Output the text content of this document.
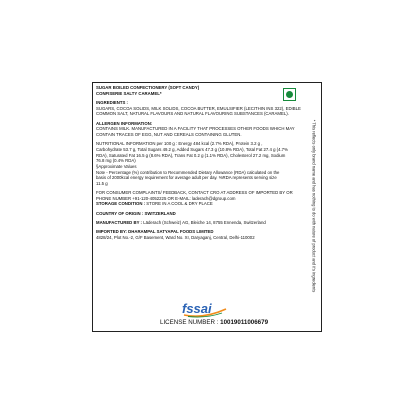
SUGAR BOILED CONFECTIONERY (SOFT CANDY)

CONFISERIE SALTY CARAMEL*

INGREDIENTS :

SUGARS, COCOA SOLIDS, MILK SOLIDS, COCOA BUTTER, EMULSIFIER (LECITHIN INS 322), EDIBLE

COMMON SALT, NATURAL FLAVOURS AND NATURAL FLAVOURING SUBSTANCES (CARAMEL).

ALLERGEN INFORMATION:

CONTAINS MILK. MANUFACTURED IN A FACILITY THAT PROCESSES OTHER FOODS WHICH MAY

CONTAIN TRACES OF EGG, NUT AND CEREALS CONTAINING GLUTEN.

NUTRITIONAL INFORMATION per 100 g : Energy 484 kcal (2.7% RDA), Protein 3.2 g ,

Carbohydrate 53.7 g, Total Sugars 49.2 g, Added Sugars 47.3 g (10.8% RDA), Total Fat 27.4 g (4.7%

RDA), Saturated Fat 16.5 g (8.6% RDA), Trans Fat 0.2 g (1.1% RDA), Cholesterol 27.2 mg, Sodium

76.8 mg (0.4% RDA)

§Approximate Values

Note - Percentage (%) contribution to Recommended Dietary Allowance (RDA) calculated on the

basis of 2000kcal energy requirement for average adult per day. %RDA represents serving size

11.5 g

FOR CONSUMER COMPLAINTS/ FEEDBACK, CONTACT CRO AT ADDRESS OF IMPORTED BY OR

PHONE NUMBER +91-120-4052225 OR E-MAIL: laderach@dgroup.com

STORAGE CONDITION : STORE IN A COOL & DRY PLACE

COUNTRY OF ORIGIN : SWITZERLAND

MANUFACTURED BY : Läderach (Schweiz) AG, Bleiche 14, 8755 Ennenda, Switzerland

IMPORTED BY: DHARAMPAL SATYAPAL FOODS LIMITED

4828/24, Plot No.-2, G/F Basement, Ward No. XI, Daryaganj, Central, Delhi-110002	* This reflects only brand name and has nothing to do with nature of product and it's ingredients
fssai
LICENSE NUMBER : 10019011006679
